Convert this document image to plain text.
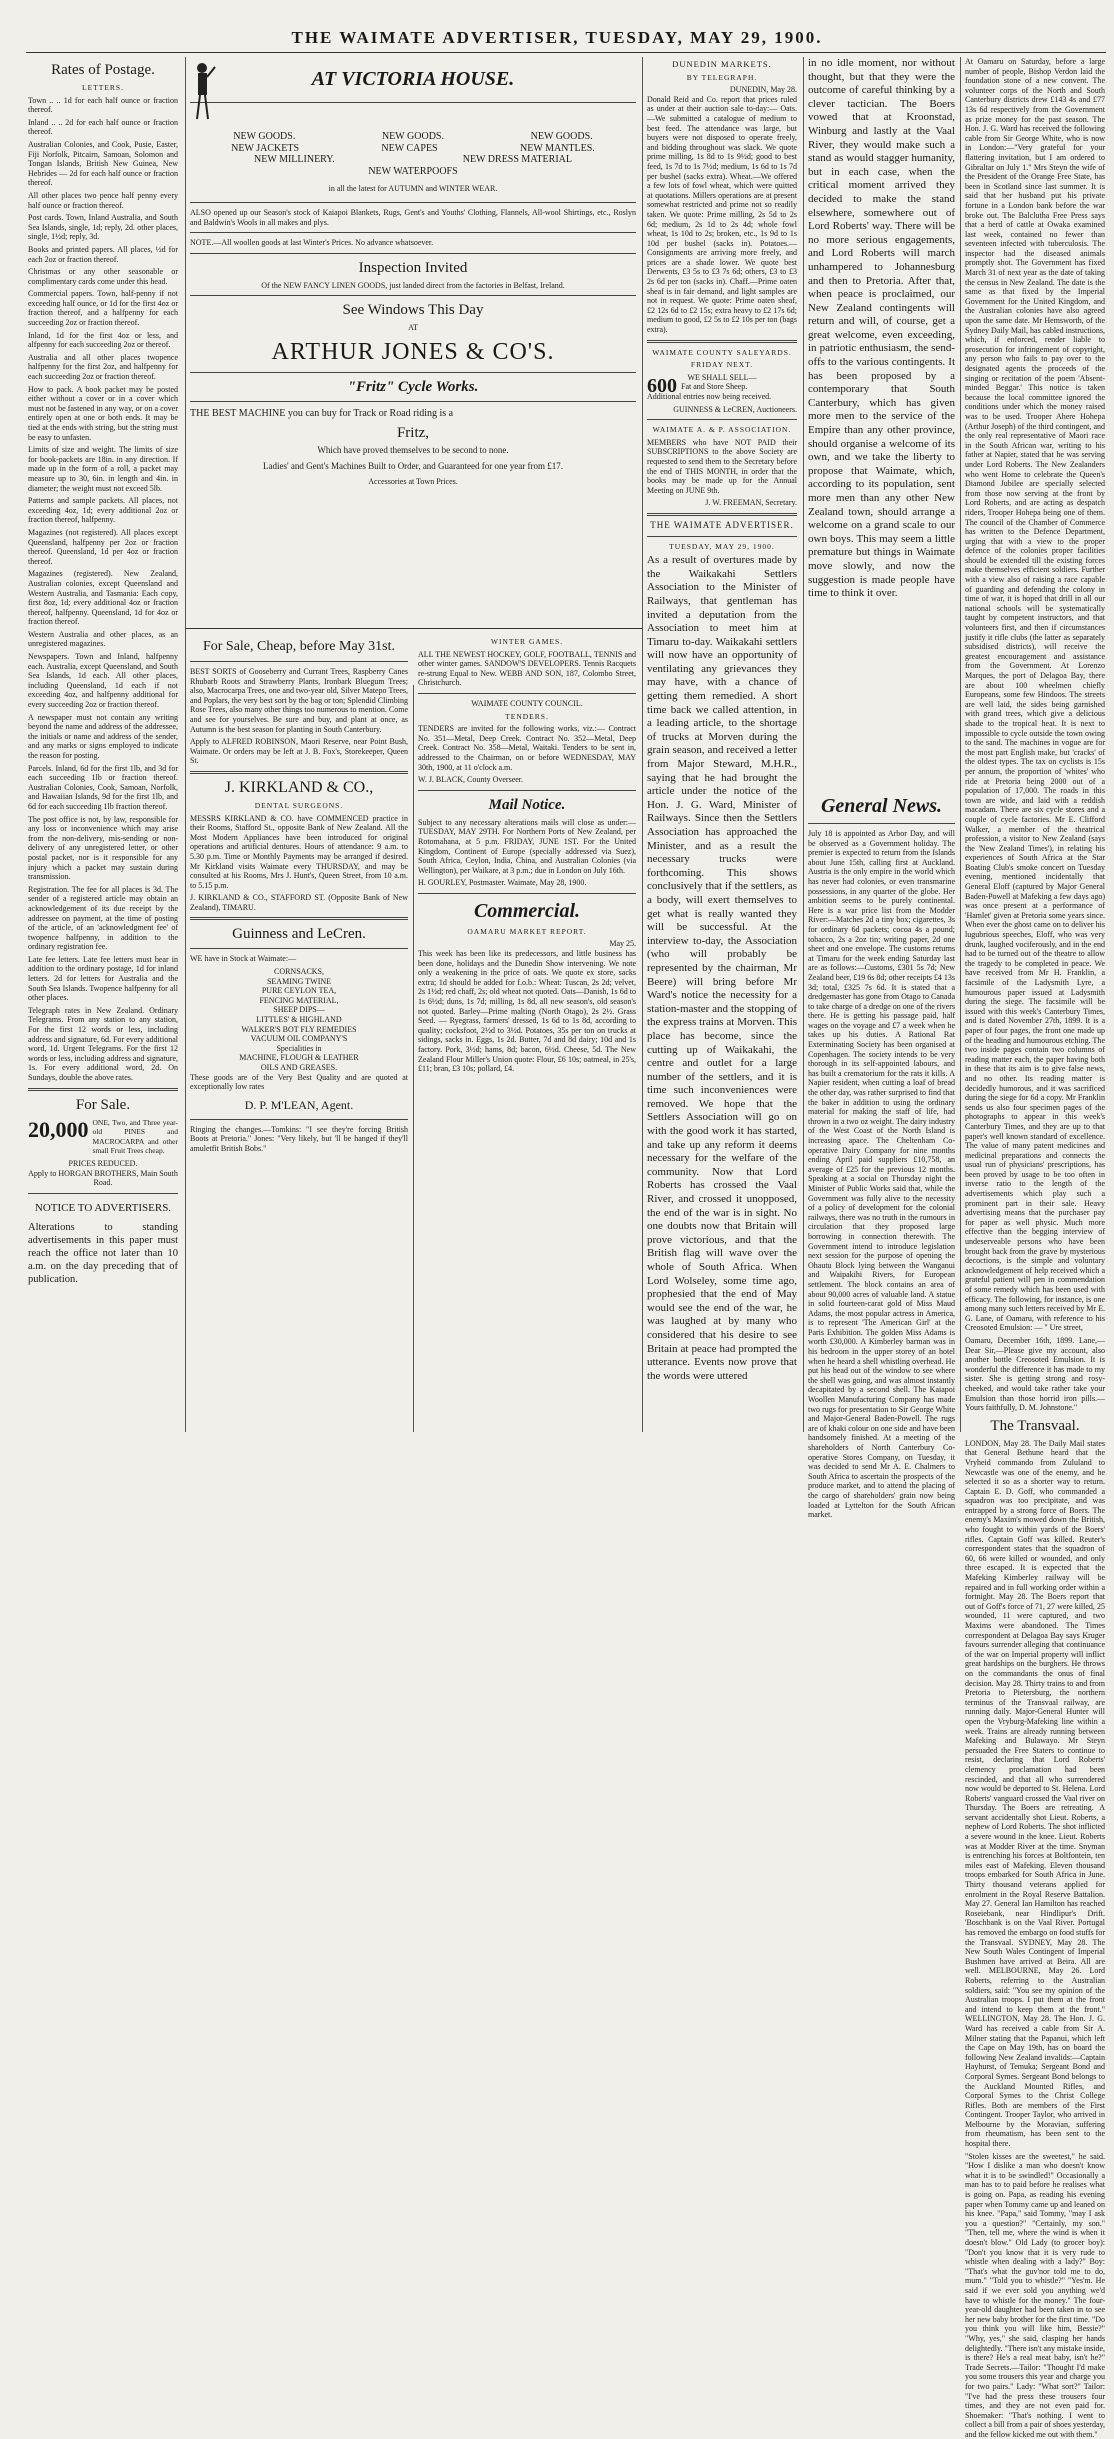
THE WAIMATE ADVERTISER, TUESDAY, MAY 29, 1900.
Rates of Postage.
LETTERS.

Town .. .. 1d for each half ounce or fraction thereof.

Inland .. .. 2d for each half ounce or fraction thereof.

Australian Colonies, and Cook, Pusie, Easter, Fiji Norfolk, Pitcairn, Samoan, Solomon and Tongan Islands, British New Guinea, New Hebrides — 2d for each half ounce or fraction thereof.

All other places two pence half penny every half ounce or fraction thereof.

Post cards. Town, Inland Australia, and South Sea Islands, single, 1d; reply, 2d. other places, single, 1½d; reply, 3d.

Books and printed papers. All places, ½d for each 2oz or fraction thereof.

Christmas or any other seasonable or complimentary cards come under this head.

Commercial papers. Town, half-penny if not exceeding half ounce, or 1d for the first 4oz or fraction thereof, and a halfpenny for each succeeding 2oz or fraction thereof.

Inland, 1d for the first 4oz or less, and alfpenny for each succeeding 2oz or thereof.

Australia and all other places twopence halfpenny for the first 2oz, and halfpenny for each succeeding 2oz or fraction thereof.

How to pack. A book packet may be posted either without a cover or in a cover which must not be fastened in any way, or on a cover entirely open at one or both ends. It may be tied at the ends with string, but the string must be easy to unfasten.

Limits of size and weight. The limits of size for book-packets are 18in. in any direction. If made up in the form of a roll, a packet may measure up to 30, 6in. in length and 4in. in diameter; the weight must not exceed 5lb.

Patterns and sample packets. All places, not exceeding 4oz, 1d; every additional 2oz or fraction thereof, halfpenny.

Magazines (not registered). All places except Queensland, halfpenny per 2oz or fraction thereof. Queensland, 1d per 4oz or fraction thereof.

Magazines (registered). New Zealand, Australian colonies, except Queensland and Western Australia, and Tasmania: Each copy, first 8oz, 1d; every additional 4oz or fraction thereof, halfpenny. Queensland, 1d for 4oz or fraction thereof.

Western Australia and other places, as an unregistered magazines.

Newspapers. Town and Inland, halfpenny each. Australia, except Queensland, and South Sea Islands, 1d each. All other places, including Queensland, 1d each if not exceeding 4oz, and halfpenny additional for every succeeding 2oz or fraction thereof.

A newspaper must not contain any writing beyond the name and address of the addressee, the initials or name and address of the sender, and any marks or signs employed to indicate the reason for posting.

Parcels. Inland, 6d for the first 1lb, and 3d for each succeeding 1lb or fraction thereof. Australian Colonies, Cook, Samoan, Norfolk, and Hawaiian Islands, 9d for the first 1lb, and 6d for each succeeding 1lb fraction thereof.

The post office is not, by law, responsible for any loss or inconvenience which may arise from the non-delivery, mis-sending or non-delivery of any unregistered letter, or other postal packet, nor is it responsible for any injury which a packet may sustain during transmission.

Registration. The fee for all places is 3d. The sender of a registered article may obtain an acknowledgement of its due receipt by the addressee on payment, at the time of posting of the article, of an 'acknowledgment fee' of twopence halfpenny, in addition to the ordinary registration fee.

Late fee letters. Late fee letters must bear in addition to the ordinary postage, 1d for inland letters. 2d for letters for Australia and the South Sea Islands. Twopence halfpenny for all other places.

Telegraph rates in New Zealand. Ordinary Telegrams. From any station to any station, For the first 12 words or less, including address and signature, 6d. For every additional word, 1d. Urgent Telegrams. For the first 12 words or less, including address and signature, 1s. For every additional word, 2d. On Sundays, double the above rates.

For Sale.
20,000 ONE, Two, and Three year-old PINES and MACROCARPA and other small Fruit Trees cheap.

PRICES REDUCED.
Apply to HORGAN BROTHERS, Main South Road.
NOTICE TO ADVERTISERS.

Alterations to standing advertisements in this paper must reach the office not later than 10 a.m. on the day preceding that of publication.

AT VICTORIA HOUSE.
NEW GOODS.	NEW GOODS.	NEW GOODS.
NEW JACKETS	NEW CAPES	NEW MANTLES.
NEW MILLINERY.	NEW DRESS MATERIAL
NEW WATERPOOFS
in all the latest for AUTUMN and WINTER WEAR.

ALSO opened up our Season's stock of Kaiapoi Blankets, Rugs, Gent's and Youths' Clothing, Flannels, All-wool Shirtings, etc., Roslyn and Baldwin's Wools in all makes and plys.

NOTE.—All woollen goods at last Winter's Prices. No advance whatsoever.

Inspection Invited
Of the NEW FANCY LINEN GOODS, just landed direct from the factories in Belfast, Ireland.
See Windows This Day
AT
ARTHUR JONES & CO'S.
"Fritz" Cycle Works.

THE BEST MACHINE you can buy for Track or Road riding is a

Fritz,
Which have proved themselves to be second to none.
Ladies' and Gent's Machines Built to Order, and Guaranteed for one year from £17.
Accessories at Town Prices.
For Sale, Cheap, before May 31st.

BEST SORTS of Gooseberry and Currant Trees, Raspberry Canes Rhubarb Roots and Strawberry Plants, Ironbark Bluegum Trees; also, Macrocarpa Trees, one and two-year old, Silver Matepo Trees, and Poplars, the very best sort by the bag or ton; Splendid Climbing Rose Trees, also many other things too numerous to mention. Come and see for yourselves. Be sure and buy, and plant at once, as Autumn is the best season for planting in South Canterbury.

Apply to ALFRED ROBINSON, Maori Reserve, near Point Bush, Waimate. Or orders may be left at J. B. Fox's, Storekeeper, Queen St.

J. KIRKLAND & CO.,
DENTAL SURGEONS.

MESSRS KIRKLAND & CO. have COMMENCED practice in their Rooms, Stafford St., opposite Bank of New Zealand. All the Most Modern Appliances have been introduced for original operations and artificial dentures. Hours of attendance: 9 a.m. to 5.30 p.m. Time or Monthly Payments may be arranged if desired. Mr Kirkland visits Waimate every THURSDAY, and may be consulted at his Rooms, Mrs J. Hunt's, Queen Street, from 10 a.m. to 5.15 p.m.

J. KIRKLAND & CO., STAFFORD ST. (Opposite Bank of New Zealand), TIMARU.

Guinness and LeCren.

WE have in Stock at Waimate:—

CORNSACKS,
SEAMING TWINE
PURE CEYLON TEA,
FENCING MATERIAL,
SHEEP DIPS—
LITTLES' & HIGHLAND
WALKER'S BOT FLY REMEDIES
VACUUM OIL COMPANY'S
Specialities in
MACHINE, FLOUGH & LEATHER
OILS AND GREASES.

These goods are of the Very Best Quality and are quoted at exceptionally low rates

D. P. M'LEAN, Agent.

Ringing the changes.—Tomkins: "I see they're forcing British Boots at Pretoria." Jones: "Very likely, but 'll be hanged if they'll amuletfit British Bobs."

WINTER GAMES.

ALL THE NEWEST HOCKEY, GOLF, FOOTBALL, TENNIS and other winter games. SANDOW'S DEVELOPERS. Tennis Racquets re-strung Equal to New. WEBB AND SON, 187, Colombo Street, Christchurch.

WAIMATE COUNTY COUNCIL.
TENDERS.

TENDERS are invited for the following works, viz.:— Contract No. 351—Metal, Deep Creek. Contract No. 352—Metal, Deep Creek. Contract No. 358—Metal, Waitaki. Tenders to be sent in, addressed to the Chairman, on or before WEDNESDAY, MAY 30th, 1900, at 11 o'clock a.m.

W. J. BLACK, County Overseer.

Mail Notice.

Subject to any necessary alterations mails will close as under:— TUESDAY, MAY 29TH. For Northern Ports of New Zealand, per Rotomahana, at 5 p.m. FRIDAY, JUNE 1ST. For the United Kingdom, Continent of Europe (specially addressed via Suez), South Africa, Ceylon, India, China, and Australian Colonies (via Wellington), per Waikare, at 3 p.m.; due in London on July 16th.

H. GOURLEY, Postmaster. Waimate, May 28, 1900.

Commercial.
OAMARU MARKET REPORT.
May 25.

This week has been like its predecessors, and little business has been done, holidays and the Dunedin Show intervening. We note only a weakening in the price of oats. We quote ex store, sacks extra; 1d should be added for f.o.b.: Wheat: Tuscan, 2s 2d; velvet, 2s 1½d; red chaff, 2s; old wheat not quoted. Oats—Danish, 1s 6d to 1s 6½d; duns, 1s 7d; milling, 1s 8d, all new season's, old season's not quoted. Barley—Prime malting (North Otago), 2s 2½. Grass Seed. — Ryegrass, farmers' dressed, 1s 6d to 1s 8d, according to quality; cocksfoot, 2½d to 3½d. Potatoes, 35s per ton on trucks at sidings, sacks in. Eggs, 1s 2d. Butter, 7d and 8d dairy; 10d and 1s factory. Pork, 3½d; hams, 8d; bacon, 6½d. Cheese, 5d. The New Zealand Flour Miller's Union quote: Flour, £6 10s; oatmeal, in 25's, £11; bran, £3 10s; pollard, £4.

DUNEDIN MARKETS.
BY TELEGRAPH.
DUNEDIN, May 28.

Donald Reid and Co. report that prices ruled as under at their auction sale to-day:— Oats.—We submitted a catalogue of medium to best feed. The attendance was large, but buyers were not disposed to operate freely, and bidding throughout was slack. We quote prime milling, 1s 8d to 1s 9½d; good to best feed, 1s 7d to 1s 7½d; medium, 1s 6d to 1s 7d per bushel (sacks extra). Wheat.—We offered a few lots of fowl wheat, which were quitted at quotations. Millers operations are at present somewhat restricted and prime not so readily taken. We quote: Prime milling, 2s 5d to 2s 6d; medium, 2s 1d to 2s 4d; whole fowl wheat, 1s 10d to 2s; broken, etc., 1s 9d to 1s 10d per bushel (sacks in). Potatoes.—Consignments are arriving more freely, and prices are a shade lower. We quote best Derwents, £3 5s to £3 7s 6d; others, £3 to £3 2s 6d per ton (sacks in). Chaff.—Prime oaten sheaf is in fair demand, and light samples are not in request. We quote: Prime oaten sheaf, £2 12s 6d to £2 15s; extra heavy to £2 17s 6d; medium to good, £2 5s to £2 10s per ton (bags extra).

WAIMATE COUNTY SALEYARDS.
FRIDAY NEXT.
WE SHALL SELL—
600 Fat and Store Sheep.

Additional entries now being received.

GUINNESS & LeCREN, Auctioneers.

WAIMATE A. & P. ASSOCIATION.

MEMBERS who have NOT PAID their SUBSCRIPTIONS to the above Society are requested to send them to the Secretary before the end of THIS MONTH, in order that the books may be made up for the Annual Meeting on JUNE 9th.

J. W. FREEMAN, Secretary.

THE WAIMATE ADVERTISER.
TUESDAY, MAY 29, 1900.

As a result of overtures made by the Waikakahi Settlers Association to the Minister of Railways, that gentleman has invited a deputation from the Association to meet him at Timaru to-day. Waikakahi settlers will now have an opportunity of ventilating any grievances they may have, with a chance of getting them remedied. A short time back we called attention, in a leading article, to the shortage of trucks at Morven during the grain season, and received a letter from Major Steward, M.H.R., saying that he had brought the article under the notice of the Hon. J. G. Ward, Minister of Railways. Since then the Settlers Association has approached the Minister, and as a result the necessary trucks were forthcoming. This shows conclusively that if the settlers, as a body, will exert themselves to get what is really wanted they will be successful. At the interview to-day, the Association (who will probably be represented by the chairman, Mr Beere) will bring before Mr Ward's notice the necessity for a station-master and the stopping of the express trains at Morven. This place has become, since the cutting up of Waikakahi, the centre and outlet for a large number of the settlers, and it is time such inconveniences were removed. We hope that the Settlers Association will go on with the good work it has started, and take up any reform it deems necessary for the welfare of the community. Now that Lord Roberts has crossed the Vaal River, and crossed it unopposed, the end of the war is in sight. No one doubts now that Britain will prove victorious, and that the British flag will wave over the whole of South Africa. When Lord Wolseley, some time ago, prophesied that the end of May would see the end of the war, he was laughed at by many who considered that his desire to see Britain at peace had prompted the utterance. Events now prove that the words were uttered

in no idle moment, nor without thought, but that they were the outcome of careful thinking by a clever tactician. The Boers vowed that at Kroonstad, Winburg and lastly at the Vaal River, they would make such a stand as would stagger humanity, but in each case, when the critical moment arrived they decided to make the stand elsewhere, somewhere out of Lord Roberts' way. There will be no more serious engagements, and Lord Roberts will march unhampered to Johannesburg and then to Pretoria. After that, when peace is proclaimed, our New Zealand contingents will return and will, of course, get a great welcome, even exceeding, in patriotic enthusiasm, the send-offs to the various contingents. It has been proposed by a contemporary that South Canterbury, which has given more men to the service of the Empire than any other province, should organise a welcome of its own, and we take the liberty to propose that Waimate, which, according to its population, sent more men than any other New Zealand town, should arrange a welcome on a grand scale to our own boys. This may seem a little premature but things in Waimate move slowly, and now the suggestion is made people have time to think it over.

At Oamaru on Saturday, before a large number of people, Bishop Verdon laid the foundation stone of a new convent. The volunteer corps of the North and South Canterbury districts drew £143 4s and £77 13s 6d respectively from the Government as prize money for the past season. The Hon. J. G. Ward has received the following cable from Sir George White, who is now in London:—"Very grateful for your flattering invitation, but I am ordered to Gibraltar on July 1." Mrs Steyn the wife of the President of the Orange Free State, has been in Scotland since last summer. It is said that her husband put his private fortune in a London bank before the war broke out. The Balclutha Free Press says that a herd of cattle at Owaka examined last week, contained no fewer than seventeen infected with tuberculosis. The inspector had the diseased animals promptly shot. The Government has fixed March 31 of next year as the date of taking the census in New Zealand. The date is the same as that fixed by the Imperial Government for the United Kingdom, and the Australian colonies have also agreed upon the same date. Mr Hemsworth, of the Sydney Daily Mail, has cabled instructions, which, if enforced, render liable to prosecution for infringement of copyright, any person who fails to pay over to the designated agents the proceeds of the singing or recitation of the poem 'Absent-minded Beggar.' This notice is taken because the local committee ignored the conditions under which the money raised was to be used. Trooper Ahere Hohepa (Arthur Joseph) of the third contingent, and the only real representative of Maori race in the South African war, writing to his father at Napier, stated that he was serving under Lord Roberts. The New Zealanders who went Home to celebrate the Queen's Diamond Jubilee are specially selected from those now serving at the front by Lord Roberts, and are acting as despatch riders, Trooper Hohepa being one of them. The council of the Chamber of Commerce has written to the Defence Department, urging that with a view to the proper defence of the colonies proper facilities should be extended till the existing forces make themselves efficient soldiers. Further with a view also of raising a race capable of guarding and defending the colony in time of war, it is hoped that drill in all our national schools will be systematically taught by competent instructors, and that volunteers first, and then if circumstances justify it rifle clubs (the latter as separately subsidised districts), will receive the greatest encouragement and assistance from the Government. At Lorenzo Marques, the port of Delagoa Bay, there are about 100 wheelmen chiefly Europeans, some few Hindoos. The streets are well laid, the sides being garnished with grand trees, which give a delicious shade to the tropical heat. It is next to impossible to cycle outside the town owing to the sand. The machines in vogue are for the most part English make, but 'cracks' of the oldest types. The tax on cyclists is 15s per annum, the proportion of 'whites' who ride at Pretoria being 2000 out of a population of 17,000. The roads in this town are wide, and laid with a reddish macadam. There are six cycle stores and a couple of cycle factories. Mr E. Clifford Walker, a member of the theatrical profession, a visitor to New Zealand (says the 'New Zealand Times'), in relating his experiences of South Africa at the Star Boating Club's smoke concert on Tuesday evening, mentioned incidentally that General Eloff (captured by Major General Baden-Powell at Mafeking a few days ago) was once present at a performance of 'Hamlet' given at Pretoria some years since. When ever the ghost came on to deliver his lugubrious speeches, Eloff, who was very drunk, laughed vociferously, and in the end had to be turned out of the theatre to allow the tragedy to be completed in peace. We have received from Mr H. Franklin, a facsimile of the Ladysmith Lyre, a humourous paper issued at Ladysmith during the siege. The facsimile will be issued with this week's Canterbury Times, and is dated November 27th, 1899. It is a paper of four pages, the front one made up of the heading and humourous etching. The two inside pages contain two columns of reading matter each, the paper having both in these that its aim is to give false news, and no other. Its reading matter is decidedly humorous, and it was sacrificed during the siege for 6d a copy. Mr Franklin sends us also four specimen pages of the photographs to appear in this week's Canterbury Times, and they are up to that paper's well known standard of excellence. The value of many patent medicines and medicinal preparations and connects the usual run of physicians' prescriptions, has been proved by usage to be too often in inverse ratio to the length of the advertisements which play such a prominent part in their sale. Heavy advertising means that the purchaser pay for paper as well physic. Much more effective than the begging interview of undeserveable persons who have been brought back from the grave by mysterious decoctions, is the simple and voluntary acknowledgement of help received which a grateful patient will pen in commendation of some remedy which has been used with efficacy. The following, for instance, is one among many such letters received by Mr E. G. Lane, of Oamaru, with reference to his Creosoted Emulsion: — " Ure street,

Oamaru, December 16th, 1899. Lane,—Dear Sir,—Please give my account, also another bottle Creosoted Emulsion. It is wonderful the difference it has made to my sister. She is getting strong and rosy-cheeked, and would take rather take your Emulsion than those horrid iron pills.—Yours faithfully, D. M. Johnstone."

The Transvaal.

LONDON, May 28. The Daily Mail states that General Bethune heard that the Vryheid commando from Zululand to Newcastle was one of the enemy, and he selected it so as a shorter way to return. Captain E. D. Goff, who commanded a squadron was too precipitate, and was entrapped by a strong force of Boers. The enemy's Maxim's mowed down the British, who fought to within yards of the Boers' rifles. Captain Goff was killed. Reuter's correspondent states that the squadron of 60, 66 were killed or wounded, and only three escaped. It is expected that the Mafeking Kimberley railway will be repaired and in full working order within a fortnight. May 28. The Boers report that out of Goff's force of 71, 27 were killed, 25 wounded, 11 were captured, and two Maxims were abandoned. The Times correspondent at Delagoa Bay says Kruger favours surrender alleging that continuance of the war on Imperial property will inflict great hardships on the burghers. He throws on the commandants the onus of final decision. May 28. Thirty trains to and from Pretoria to Pietersburg, the northern terminus of the Transvaal railway, are running daily. Major-General Hunter will open the Vryburg-Mafeking line within a week. Trains are already running between Mafeking and Bulawayo. Mr Steyn persuaded the Free Staters to continue to resist, declaring that Lord Roberts' clemency proclamation had been rescinded, and that all who surrendered now would be deported to St. Helena. Lord Roberts' vanguard crossed the Vaal river on Thursday. The Boers are retreating. A servant accidentally shot Lieut. Roberts, a nephew of Lord Roberts. The shot inflicted a severe wound in the knee. Lieut. Roberts was at Modder River at the time. Snyman is entrenching his forces at Boltfontein, ten miles east of Mafeking. Eleven thousand troops embarked for South Africa in June. Thirty thousand veterans applied for enrolment in the Royal Reserve Battalion. May 27. General Ian Hamilton has reached Roseiebank, near Hindlipur's Drift. 'Boschbank is on the Vaal River. Portugal has removed the embargo on food stuffs for the Transvaal. SYDNEY, May 28. The New South Wales Contingent of Imperial Bushmen have arrived at Beira. All are well. MELBOURNE, May 26. Lord Roberts, referring to the Australian soldiers, said: "You see my opinion of the Australian troops. I put them at the front and intend to keep them at the front." WELLINGTON, May 28. The Hon. J. G. Ward has received a cable from Sir A. Milner stating that the Papanui, which left the Cape on May 19th, has on board the following New Zealand invalids:—Captain Hayhurst, of Temuka; Sergeant Bond and Corporal Symes. Sergeant Bond belongs to the Auckland Mounted Rifles, and Corporal Symes to the Christ College Rifles. Both are members of the First Contingent. Trooper Taylor, who arrived in Melbourne by the Moravian, suffering from rheumatism, has been sent to the hospital there.

"Stolen kisses are the sweetest," he said. "How I dislike a man who doesn't know what it is to be swindled!" Occasionally a man has to to paid before he realises what is going on. Papa, as reading his evening paper when Tommy came up and leaned on his knee. "Papa," said Tommy, "may I ask you a question?" "Certainly, my son." "Then, tell me, where the wind is when it doesn't blow." Old Lady (to grocer boy): "Don't you know that it is very rude to whistle when dealing with a lady?" Boy: "That's what the guv'nor told me to do, mum." "Told you to whistle?" "Yes'm. He said if we ever sold you anything we'd have to whistle for the money." The four-year-old daughter had been taken in to see her new baby brother for the first time. "Do you think you will like him, Bessie?" "Why, yes," she said, clasping her hands delightedly. "There isn't any mistake inside, is there? He's a real meat baby, isn't he?" Trade Secrets.—Tailor: "Thought I'd make you some trousers this year and charge you for two pairs." Lady: "What sort?" Tailor: "I've had the press these trousers four times, and they are not even paid for. Shoemaker: "That's nothing. I went to collect a bill from a pair of shoes yesterday, and the fellow kicked me out with them."

General News.

July 18 is appointed as Arbor Day, and will be observed as a Government holiday. The premier is expected to return from the Islands about June 15th, calling first at Auckland. Austria is the only empire in the world which has never had colonies, or even transmarine possessions, in any quarter of the globe. Her ambition seems to be purely continental. Here is a war price list from the Modder River:—Matches 2d a tiny box; cigarettes, 3s for ordinary 6d packets; cocoa 4s a pound; tobacco, 2s a 2oz tin; writing paper, 2d one sheet and one envelope. The customs returns at Timaru for the week ending Saturday last are as follows:—Customs, £301 5s 7d; New Zealand beer, £19 6s 8d; other receipts £4 13s 3d; total, £325 7s 6d. It is stated that a dredgemaster has gone from Otago to Canada to take charge of a dredge on one of the rivers there. He is getting his passage paid, half wages on the voyage and £7 a week when he takes up his duties. A Rational Rat Exterminating Society has been organised at Copenhagen. The society intends to be very thorough in its self-appointed labours, and has built a crematorium for the rats it kills. A Napier resident, when cutting a loaf of bread the other day, was rather surprised to find that the baker in addition to using the ordinary material for making the staff of life, had thrown in a two oz weight. The dairy industry of the West Coast of the North Island is increasing apace. The Cheltenham Co-operative Dairy Company for nine months ending April paid suppliers £10,758, an average of £25 for the previous 12 months. Speaking at a social on Thursday night the Minister of Public Works said that, while the Government was fully alive to the necessity of a policy of development for the colonial railways, there was no truth in the rumours in circulation that they proposed large borrowing in connection therewith. The Government intend to introduce legislation next session for the purpose of opening the Ohautu Block lying between the Wanganui and Waipakihi Rivers, for European settlement. The block contains an area of about 90,000 acres of valuable land. A statue in solid fourteen-carat gold of Miss Maud Adams, the most popular actress in America, is to represent 'The American Girl' at the Paris Exhibition. The golden Miss Adams is worth £30,000. A Kimberley barman was in his bedroom in the upper storey of an hotel when he heard a shell whistling overhead. He put his head out of the window to see where the shell was going, and was almost instantly decapitated by a second shell. The Kaiapoi Woollen Manufacturing Company has made two rugs for presentation to Sir George White and Major-General Baden-Powell. The rugs are of khaki colour on one side and have been handsomely finished. At a meeting of the shareholders of North Canterbury Co-operative Stores Company, on Tuesday, it was decided to send Mr A. E. Chalmers to South Africa to ascertain the prospects of the produce market, and to attend the placing of the cargo of shareholders' grain now being loaded at Lyttelton for the South African market.
